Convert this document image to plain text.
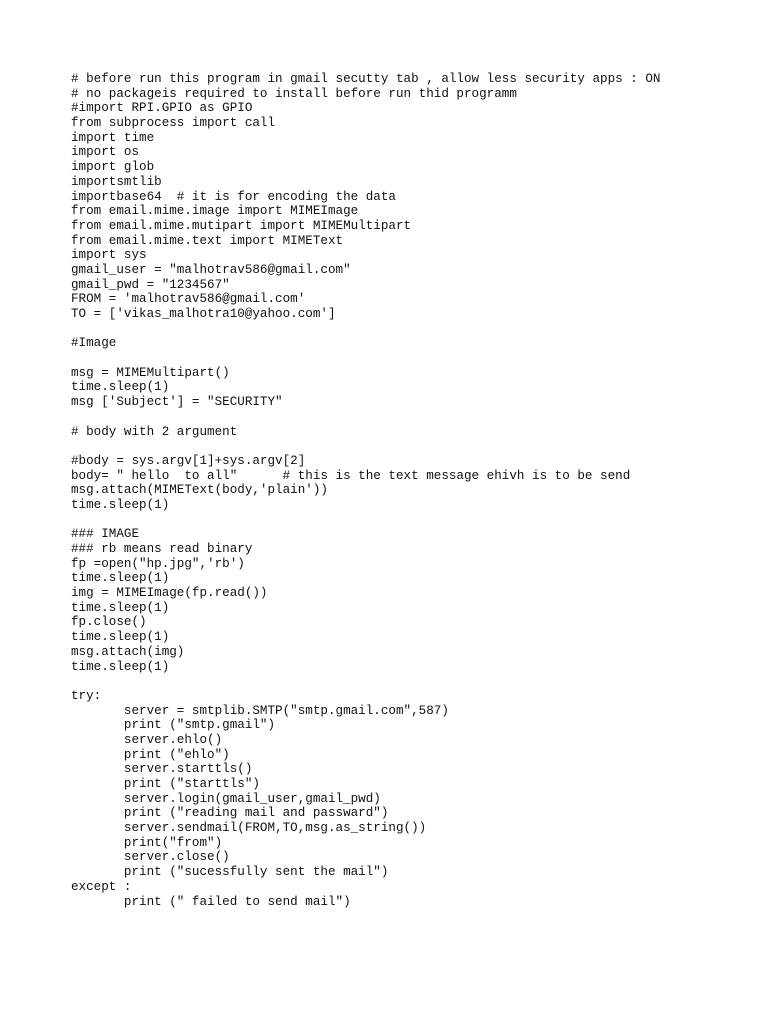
# before run this program in gmail secutty tab , allow less security apps : ON
# no packageis required to install before run thid programm
#import RPI.GPIO as GPIO
from subprocess import call
import time
import os
import glob
importsmtlib
importbase64  # it is for encoding the data
from email.mime.image import MIMEImage
from email.mime.mutipart import MIMEMultipart
from email.mime.text import MIMEText
import sys
gmail_user = "malhotrav586@gmail.com"
gmail_pwd = "1234567"
FROM = 'malhotrav586@gmail.com'
TO = ['vikas_malhotra10@yahoo.com']
#Image
msg = MIMEMultipart()
time.sleep(1)
msg ['Subject'] = "SECURITY"
# body with 2 argument
#body = sys.argv[1]+sys.argv[2]
body= " hello  to all"      # this is the text message ehivh is to be send
msg.attach(MIMEText(body,'plain'))
time.sleep(1)
### IMAGE
### rb means read binary
fp =open("hp.jpg",'rb')
time.sleep(1)
img = MIMEImage(fp.read())
time.sleep(1)
fp.close()
time.sleep(1)
msg.attach(img)
time.sleep(1)
try:
server = smtplib.SMTP("smtp.gmail.com",587)
print ("smtp.gmail")
server.ehlo()
print ("ehlo")
server.starttls()
print ("starttls")
server.login(gmail_user,gmail_pwd)
print ("reading mail and passward")
server.sendmail(FROM,TO,msg.as_string())
print("from")
server.close()
print ("sucessfully sent the mail")
except :
print (" failed to send mail")
